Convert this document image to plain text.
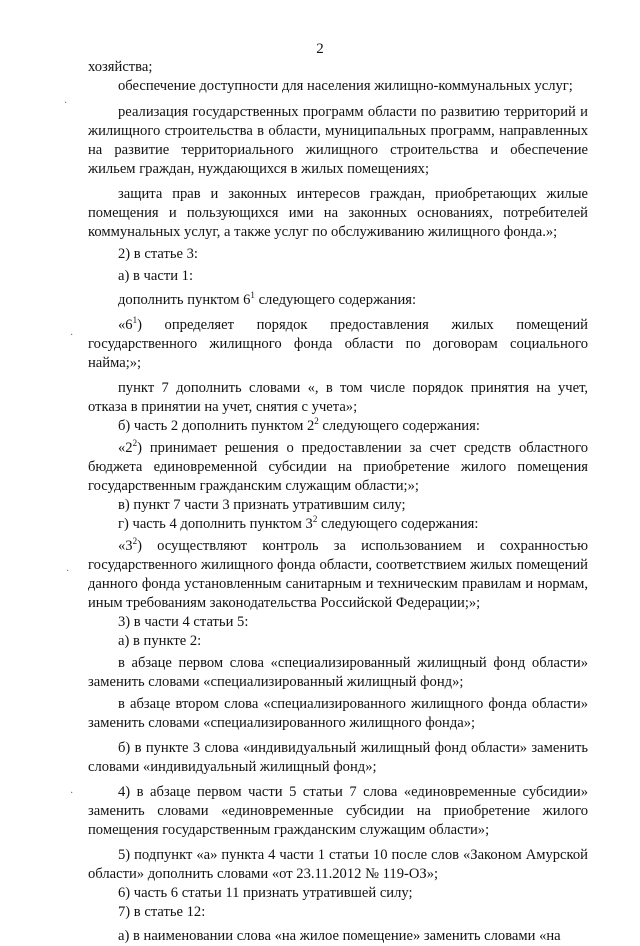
2

хозяйства;

обеспечение доступности для населения жилищно-коммунальных услуг;

реализация государственных программ области по развитию территорий и жилищного строительства в области, муниципальных программ, направленных на развитие территориального жилищного строительства и обеспечение жильем граждан, нуждающихся в жилых помещениях;

защита прав и законных интересов граждан, приобретающих жилые помещения и пользующихся ими на законных основаниях, потребителей коммунальных услуг, а также услуг по обслуживанию жилищного фонда.»;

2) в статье 3:

а) в части 1:

дополнить пунктом $6^1$ следующего содержания:

«$6^1$) определяет порядок предоставления жилых помещений государственного жилищного фонда области по договорам социального найма;»;

пункт 7 дополнить словами «, в том числе порядок принятия на учет, отказа в принятии на учет, снятия с учета»;

б) часть 2 дополнить пунктом $2^2$ следующего содержания:

«$2^2$) принимает решения о предоставлении за счет средств областного бюджета единовременной субсидии на приобретение жилого помещения государственным гражданским служащим области;»;

в) пункт 7 части 3 признать утратившим силу;

г) часть 4 дополнить пунктом $3^2$ следующего содержания:

«$3^2$) осуществляют контроль за использованием и сохранностью государственного жилищного фонда области, соответствием жилых помещений данного фонда установленным санитарным и техническим правилам и нормам, иным требованиям законодательства Российской Федерации;»;

3) в части 4 статьи 5:

а) в пункте 2:

в абзаце первом слова «специализированный жилищный фонд области» заменить словами «специализированный жилищный фонд»;

в абзаце втором слова «специализированного жилищного фонда области» заменить словами «специализированного жилищного фонда»;

б) в пункте 3 слова «индивидуальный жилищный фонд области» заменить словами «индивидуальный жилищный фонд»;

4) в абзаце первом части 5 статьи 7 слова «единовременные субсидии» заменить словами «единовременные субсидии на приобретение жилого помещения государственным гражданским служащим области»;

5) подпункт «а» пункта 4 части 1 статьи 10 после слов «Законом Амурской области» дополнить словами «от 23.11.2012 № 119-ОЗ»;

6) часть 6 статьи 11 признать утратившей силу;

7) в статье 12:

а) в наименовании слова «на жилое помещение» заменить словами «на

·
·
·
·
